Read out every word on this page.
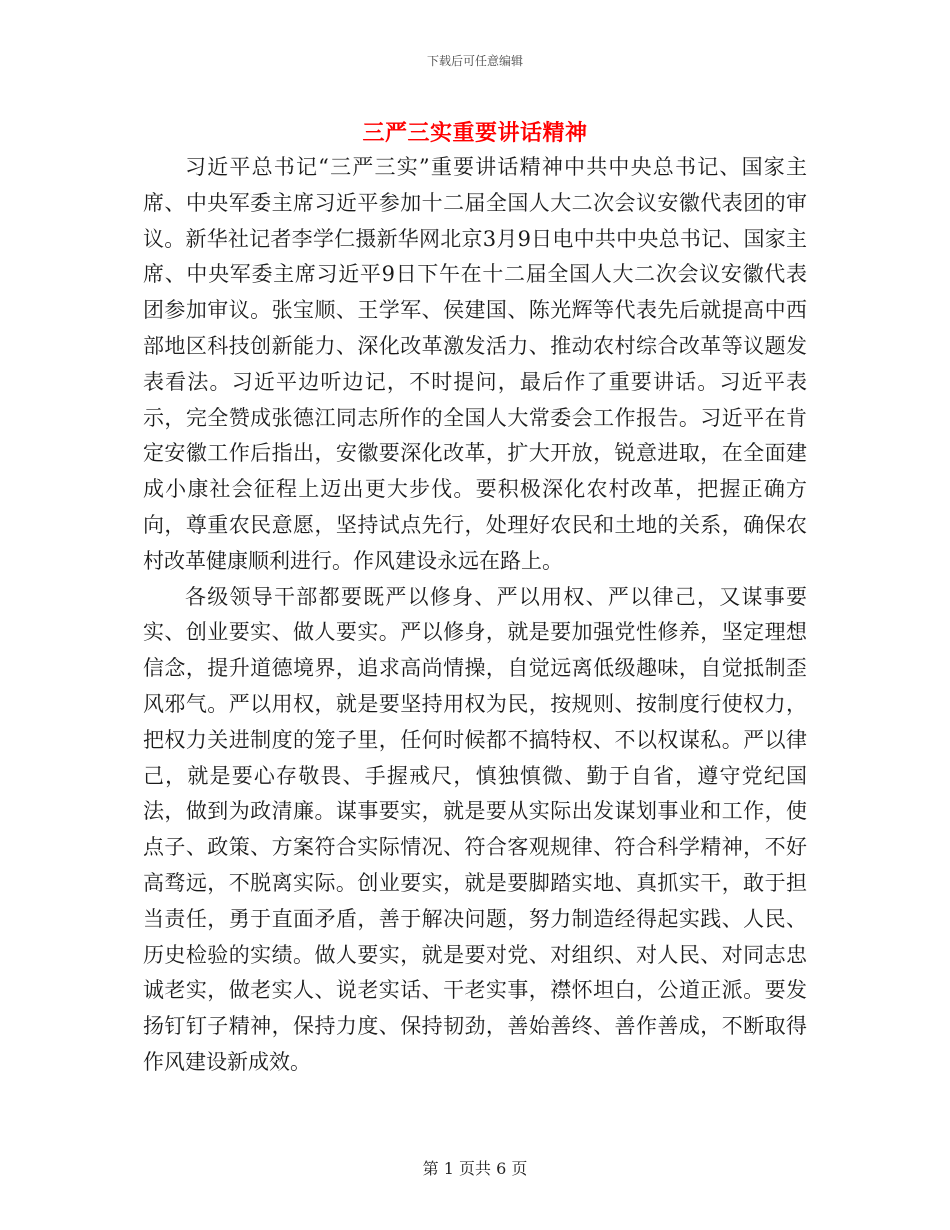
下载后可任意编辑
三严三实重要讲话精神

习近平总书记“三严三实”重要讲话精神中共中央总书记、国家主席、中央军委主席习近平参加十二届全国人大二次会议安徽代表团的审议。新华社记者李学仁摄新华网北京3月9日电中共中央总书记、国家主席、中央军委主席习近平9日下午在十二届全国人大二次会议安徽代表团参加审议。张宝顺、王学军、侯建国、陈光辉等代表先后就提高中西部地区科技创新能力、深化改革激发活力、推动农村综合改革等议题发表看法。习近平边听边记，不时提问，最后作了重要讲话。习近平表示，完全赞成张德江同志所作的全国人大常委会工作报告。习近平在肯定安徽工作后指出，安徽要深化改革，扩大开放，锐意进取，在全面建成小康社会征程上迈出更大步伐。要积极深化农村改革，把握正确方向，尊重农民意愿，坚持试点先行，处理好农民和土地的关系，确保农村改革健康顺利进行。作风建设永远在路上。

各级领导干部都要既严以修身、严以用权、严以律己，又谋事要实、创业要实、做人要实。严以修身，就是要加强党性修养，坚定理想信念，提升道德境界，追求高尚情操，自觉远离低级趣味，自觉抵制歪风邪气。严以用权，就是要坚持用权为民，按规则、按制度行使权力，把权力关进制度的笼子里，任何时候都不搞特权、不以权谋私。严以律己，就是要心存敬畏、手握戒尺，慎独慎微、勤于自省，遵守党纪国法，做到为政清廉。谋事要实，就是要从实际出发谋划事业和工作，使点子、政策、方案符合实际情况、符合客观规律、符合科学精神，不好高骛远，不脱离实际。创业要实，就是要脚踏实地、真抓实干，敢于担当责任，勇于直面矛盾，善于解决问题，努力制造经得起实践、人民、历史检验的实绩。做人要实，就是要对党、对组织、对人民、对同志忠诚老实，做老实人、说老实话、干老实事，襟怀坦白，公道正派。要发扬钉钉子精神，保持力度、保持韧劲，善始善终、善作善成，不断取得作风建设新成效。

第 1 页共 6 页
